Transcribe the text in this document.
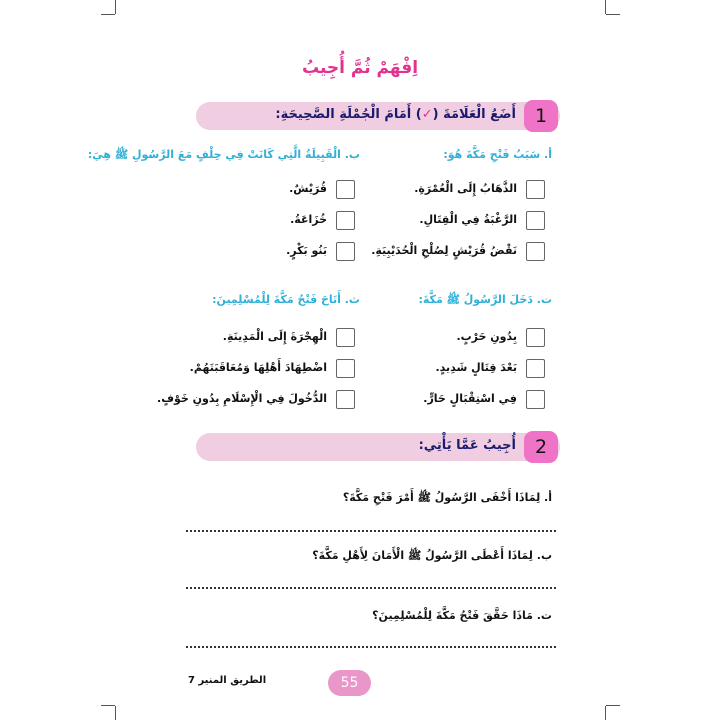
اِفْهَمْ ثُمَّ أُجِيبُ
1
أَضَعُ الْعَلَامَةَ (✓) أَمَامَ الْجُمْلَةِ الصَّحِيحَةِ:
أ. سَبَبُ فَتْحِ مَكَّةَ هُوَ:
الذَّهَابُ إِلَى الْعُمْرَةِ.
الرَّغْبَةُ فِي الْقِتَالِ.
نَقْضُ قُرَيْشٍ لِصُلْحِ الْحُدَيْبِيَةِ.
ب. الْقَبِيلَةُ الَّتِي كَانَتْ فِي حِلْفٍ مَعَ الرَّسُولِ ﷺ هِيَ:
قُرَيْشٌ.
خُزَاعَةُ.
بَنُو بَكْرٍ.
ت. دَخَلَ الرَّسُولُ ﷺ مَكَّةَ:
بِدُونِ حَرْبٍ.
بَعْدَ قِتَالٍ شَدِيدٍ.
فِي اسْتِقْبَالٍ حَارٍّ.
ث. أَتَاحَ فَتْحُ مَكَّةَ لِلْمُسْلِمِينَ:
الْهِجْرَةَ إِلَى الْمَدِينَةِ.
اضْطِهَادَ أَهْلِهَا وَمُعَاقَبَتَهُمْ.
الدُّخُولَ فِي الْإِسْلَامِ بِدُونِ خَوْفٍ.
2
أُجِيبُ عَمَّا يَأْتِي:
أ. لِمَاذَا أَخْفَى الرَّسُولُ ﷺ أَمْرَ فَتْحِ مَكَّةَ؟
ب. لِمَاذَا أَعْطَى الرَّسُولُ ﷺ الْأَمَانَ لِأَهْلِ مَكَّةَ؟
ت. مَاذَا حَقَّقَ فَتْحُ مَكَّةَ لِلْمُسْلِمِينَ؟
55
الطريق المنير 7
